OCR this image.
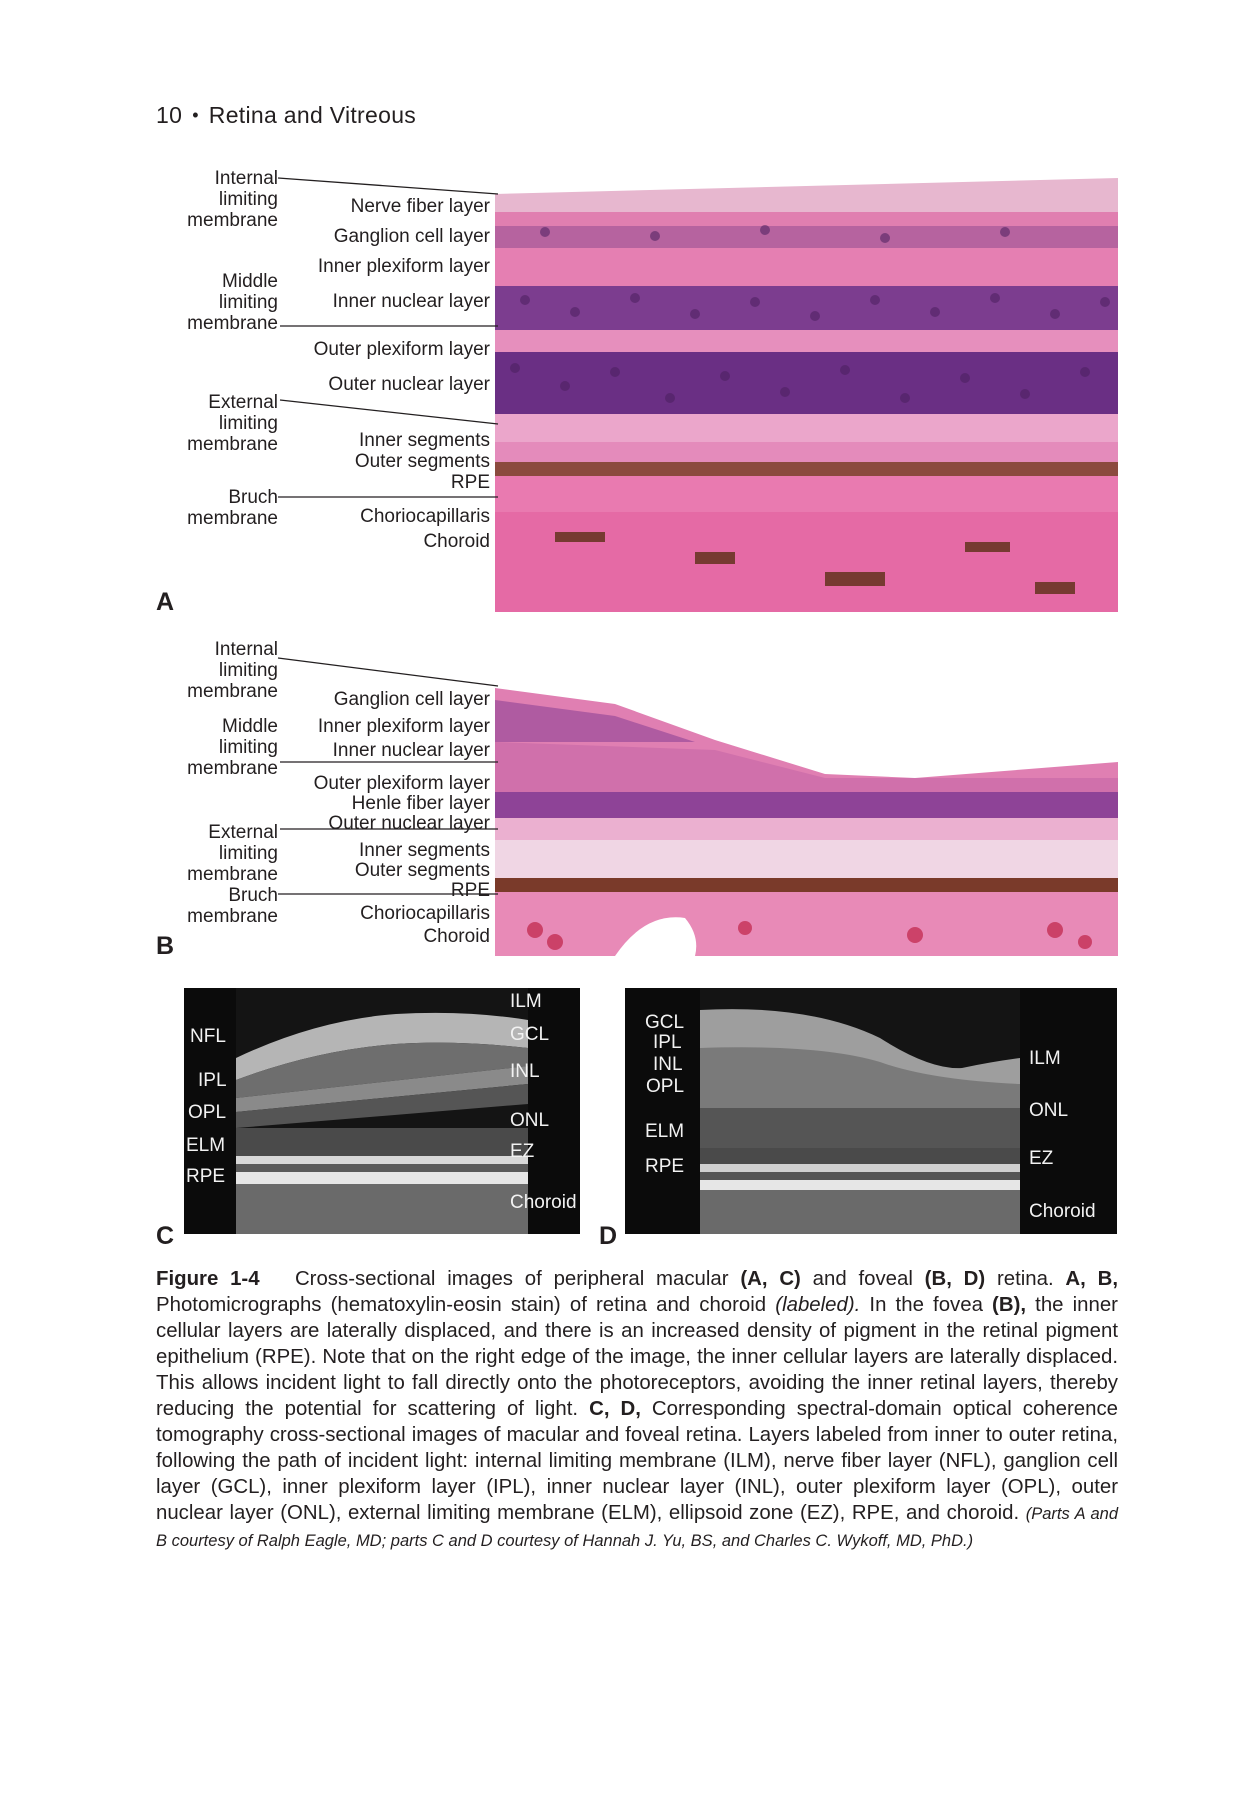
10 • Retina and Vitreous
Internal
limiting
membrane
Middle
limiting
membrane
External
limiting
membrane
Bruch
membrane
Nerve fiber layer
Ganglion cell layer
Inner plexiform layer
Inner nuclear layer
Outer plexiform layer
Outer nuclear layer
Inner segments
Outer segments
RPE
Choriocapillaris
Choroid
A
Internal
limiting
membrane
Middle
limiting
membrane
External
limiting
membrane
Bruch
membrane
Ganglion cell layer
Inner plexiform layer
Inner nuclear layer
Outer plexiform layer
Henle fiber layer
Outer nuclear layer
Inner segments
Outer segments
RPE
Choriocapillaris
Choroid
B
NFL
IPL
OPL
ELM
RPE
ILM
GCL
INL
ONL
EZ
Choroid
C
GCL
IPL
INL
OPL
ELM
RPE
ILM
ONL
EZ
Choroid
D
Figure 1-4 Cross-sectional images of peripheral macular (A, C) and foveal (B, D) retina. A, B, Photomicrographs (hematoxylin-eosin stain) of retina and choroid (labeled). In the fovea (B), the inner cellular layers are laterally displaced, and there is an increased density of pigment in the retinal pigment epithelium (RPE). Note that on the right edge of the image, the inner cellular layers are laterally displaced. This allows incident light to fall directly onto the photoreceptors, avoiding the inner retinal layers, thereby reducing the potential for scattering of light. C, D, Corresponding spectral-domain optical coherence tomography cross-sectional images of macular and foveal retina. Layers labeled from inner to outer retina, following the path of incident light: internal limiting membrane (ILM), nerve fiber layer (NFL), ganglion cell layer (GCL), inner plexiform layer (IPL), inner nuclear layer (INL), outer plexiform layer (OPL), outer nuclear layer (ONL), external limiting membrane (ELM), ellipsoid zone (EZ), RPE, and choroid. (Parts A and B courtesy of Ralph Eagle, MD; parts C and D courtesy of Hannah J. Yu, BS, and Charles C. Wykoff, MD, PhD.)
